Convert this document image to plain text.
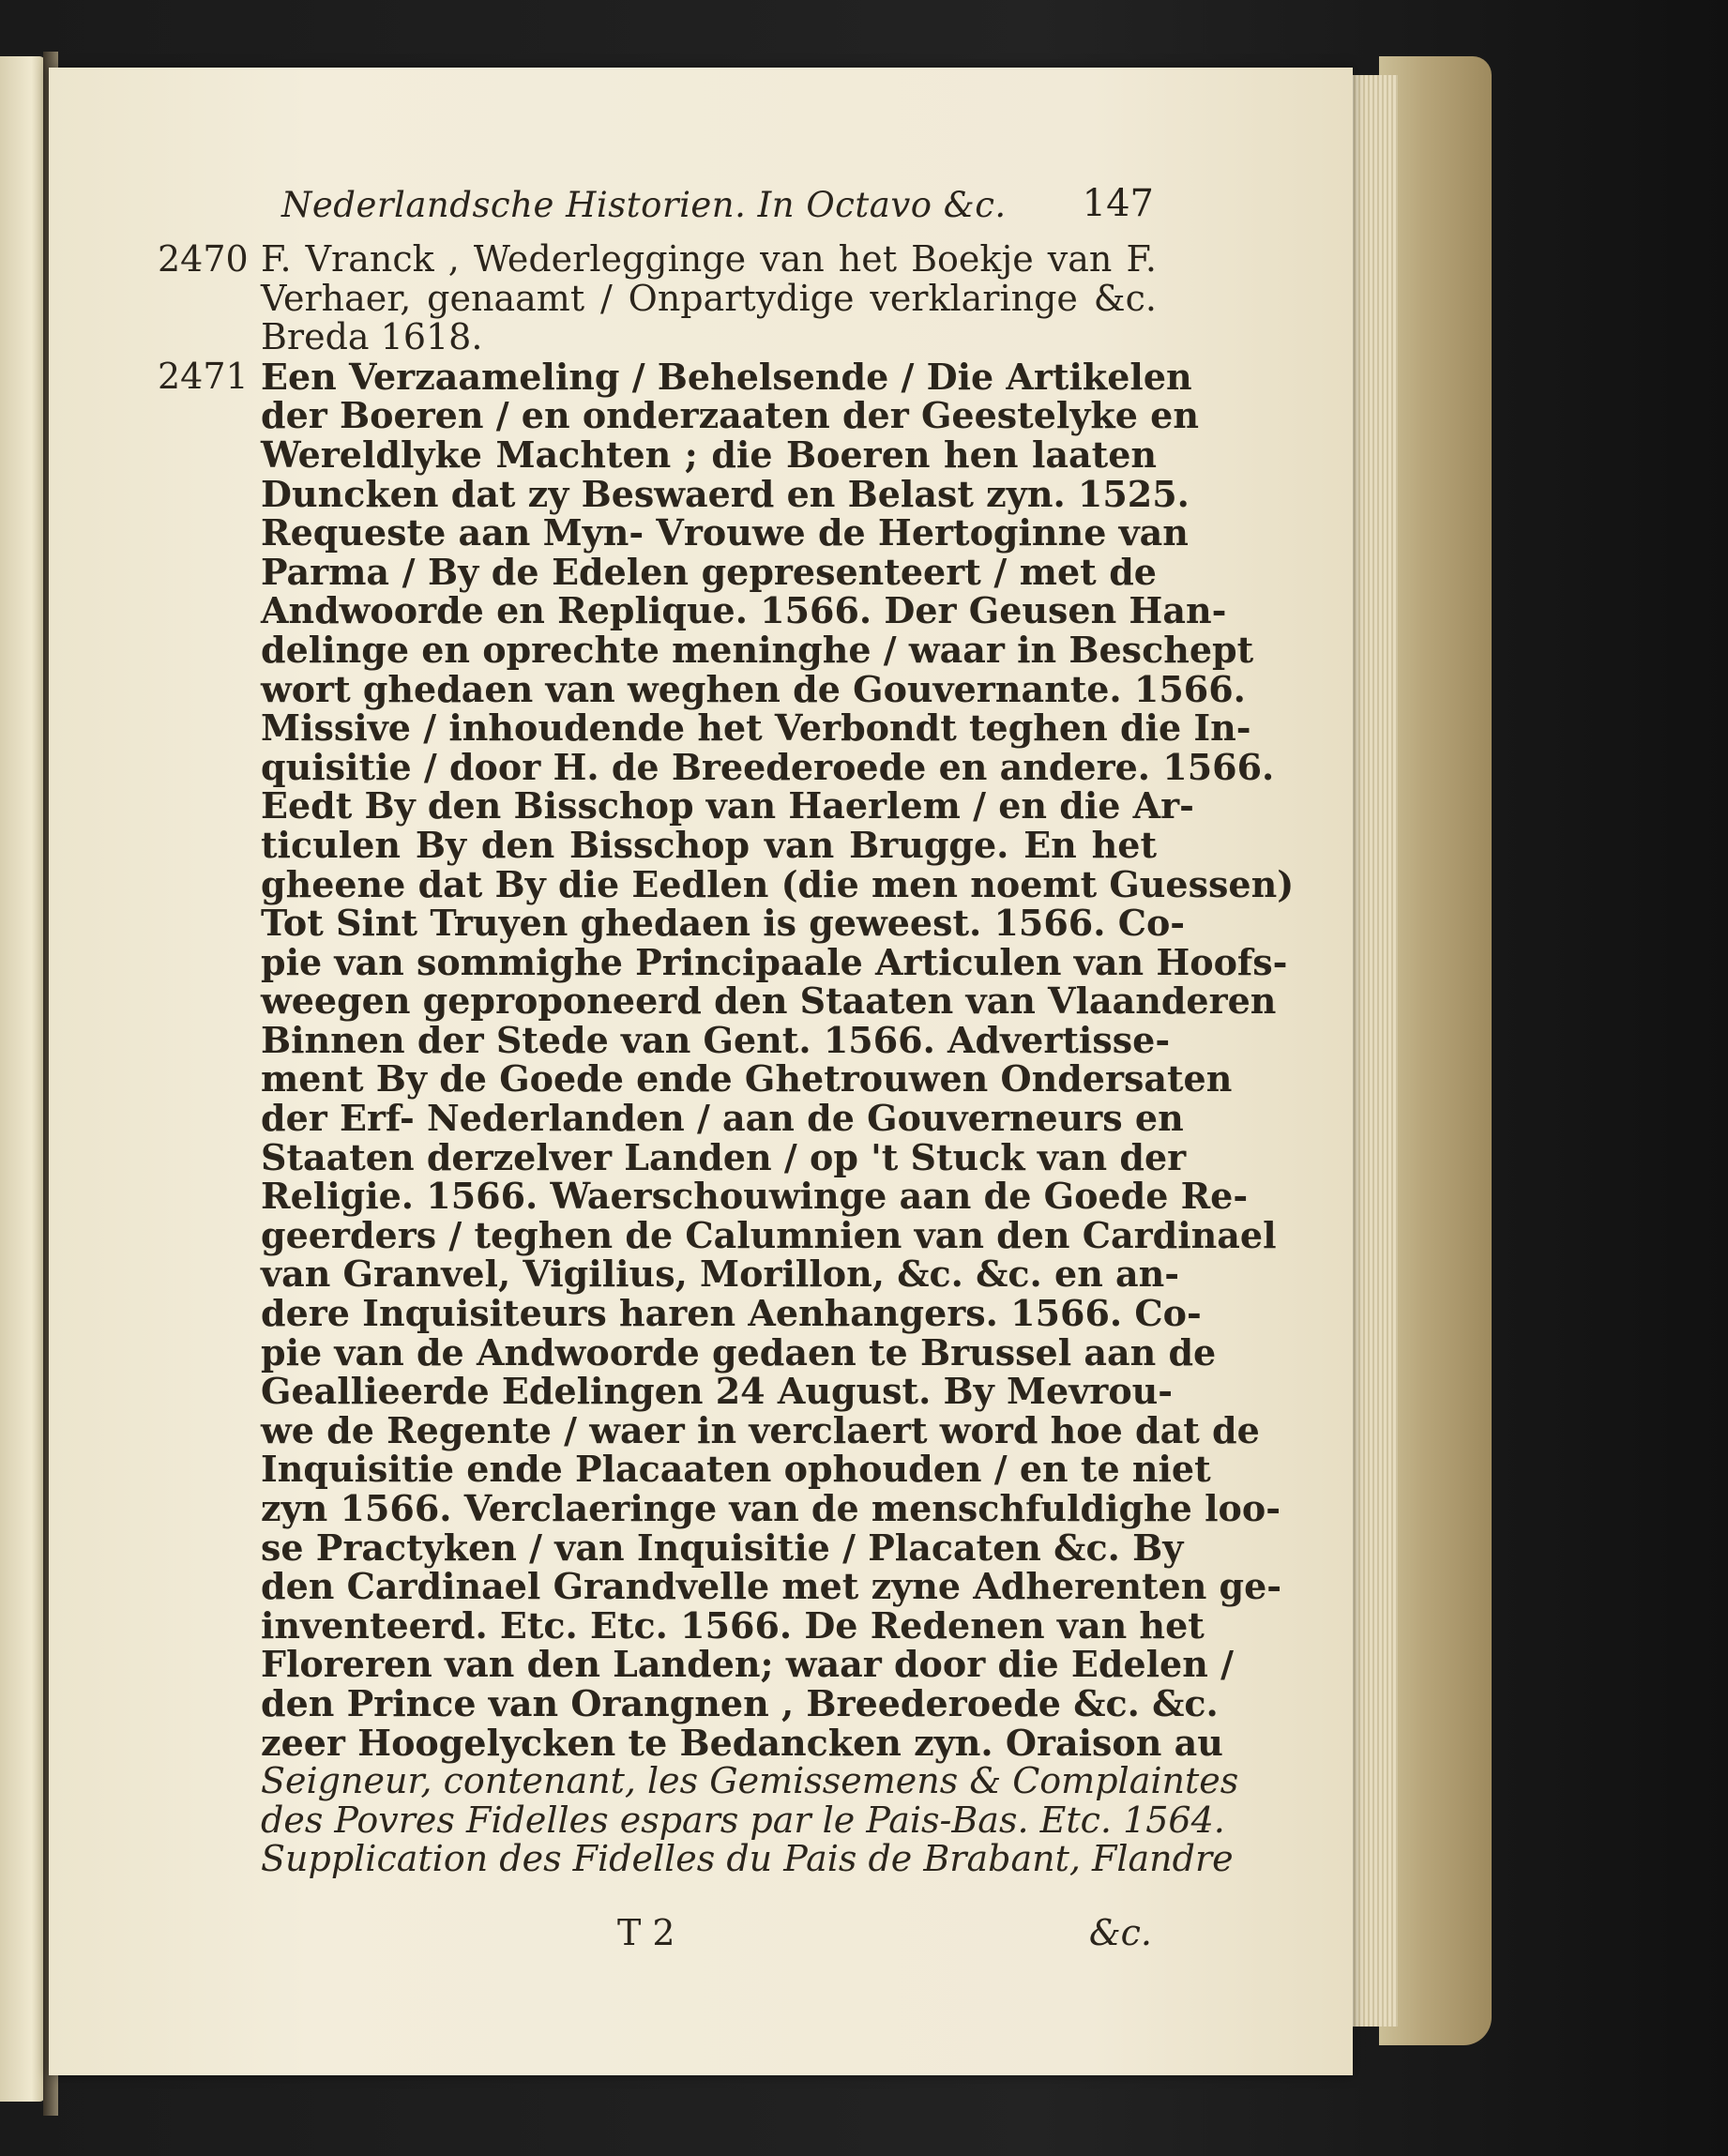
Nederlandsche Historien. In Octavo &c. 147
2470 F. Vranck , Wederleggingе van het Boekje van F.
Verhaer, genaamt / Onpartydige verklaringe &c.
Breda 1618.
2471 Een Verzaameling / Behelsende / Die Artikelen
der Boeren / en onderzaaten der Geestelyke en
Wereldlyke Machten ; die Boeren hen laaten
Duncken dat zy Beswaerd en Belast zyn. 1525.
Requeste aan Myn- Vrouwe de Hertoginne van
Parma / By de Edelen gepresenteert / met de
Andwoorde en Replique. 1566. Der Geusen Han-
delinge en oprechte meninghe / waar in Beschept
wort ghedaen van weghen de Gouvernante. 1566.
Missive / inhoudende het Verbondt teghen die In-
quisitie / door H. de Breederoede en andere. 1566.
Eedt By den Bisschop van Haerlem / en die Ar-
ticulen By den Bisschop van Brugge. En het
gheene dat By die Eedlen (die men noemt Guessen)
Tot Sint Truyen ghedaen is geweest. 1566. Co-
pie van sommighe Principaale Articulen van Hoofs-
weegen geproponeerd den Staaten van Vlaanderen
Binnen der Stede van Gent. 1566. Advertisse-
ment By de Goede ende Ghetrouwen Ondersaten
der Erf- Nederlanden / aan de Gouverneurs en
Staaten derzelver Landen / op 't Stuck van der
Religie. 1566. Waerschouwinge aan de Goede Re-
geerders / teghen de Calumnien van den Cardinael
van Granvel, Vigilius, Morillon, &c. &c. en an-
dere Inquisiteurs haren Aenhangers. 1566. Co-
pie van de Andwoorde gedaen te Brussel aan de
Geallieerde Edelingen 24 August. By Mevrou-
we de Regente / waer in verclaert word hoe dat de
Inquisitie ende Placaaten ophouden / en te niet
zyn 1566. Verclaeringe van de menschfuldighe loo-
se Practyken / van Inquisitie / Placaten &c. By
den Cardinael Grandvelle met zyne Adherenten ge-
inventeerd. Etc. Etc. 1566. De Redenen van het
Floreren van den Landen; waar door die Edelen /
den Prince van Orangnen , Breederoede &c. &c.
zeer Hoogelycken te Bedancken zyn. Oraison au
Seigneur, contenant, les Gemissemens & Complaintes
des Povres Fidelles espars par le Pais-Bas. Etc. 1564.
Supplication des Fidelles du Pais de Brabant, Flandre
T 2	&c.
